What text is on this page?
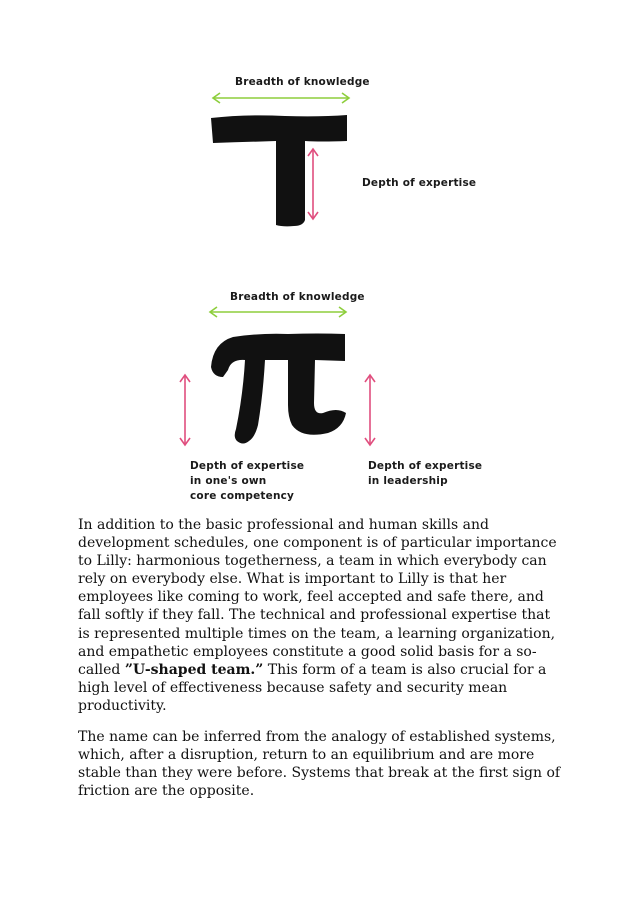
Breadth of knowledge
Depth of expertise
Breadth of knowledge
Depth of expertise
in one's own
core competency
Depth of expertise
in leadership

In addition to the basic professional and human skills and development schedules, one component is of particular importance to Lilly: harmonious togetherness, a team in which everybody can rely on everybody else. What is important to Lilly is that her employees like coming to work, feel accepted and safe there, and fall softly if they fall. The technical and professional expertise that is represented multiple times on the team, a learning organization, and empathetic employees constitute a good solid basis for a so-called ”U-shaped team.” This form of a team is also crucial for a high level of effectiveness because safety and security mean productivity.

The name can be inferred from the analogy of established systems, which, after a disruption, return to an equilibrium and are more stable than they were before. Systems that break at the first sign of friction are the opposite.
